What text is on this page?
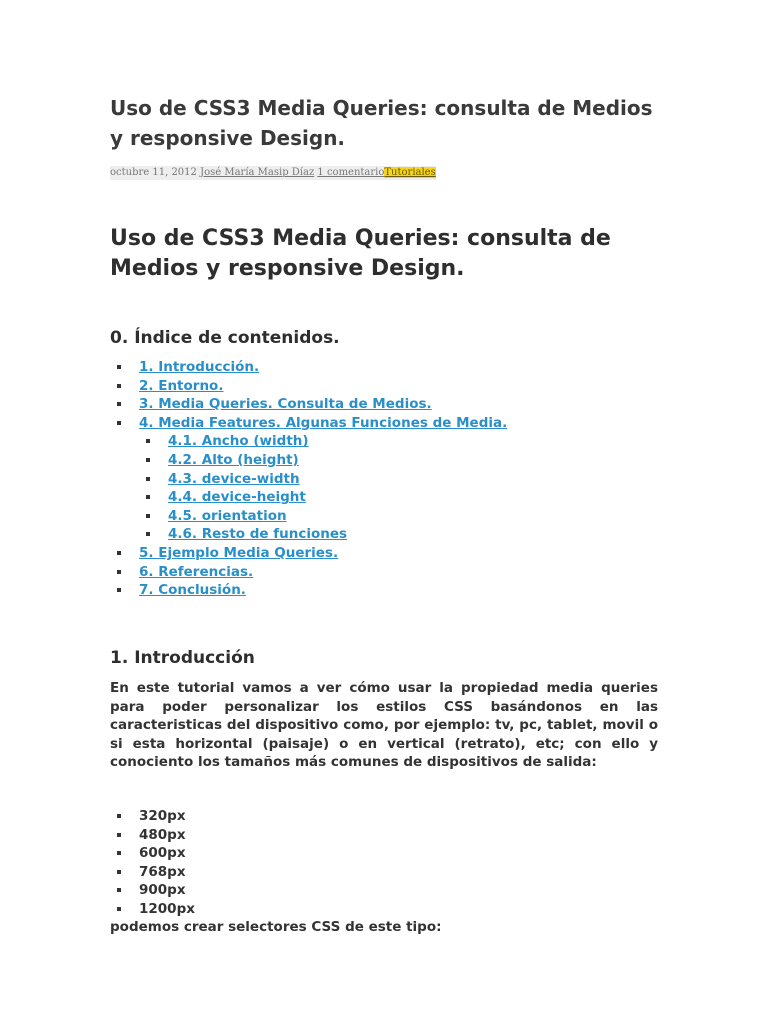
Uso de CSS3 Media Queries: consulta de Medios y responsive Design.
octubre 11, 2012 José María Masip Díaz 1 comentarioTutoriales
Uso de CSS3 Media Queries: consulta de Medios y responsive Design.
0. Índice de contenidos.
1. Introducción.
2. Entorno.
3. Media Queries. Consulta de Medios.
4. Media Features. Algunas Funciones de Media.
4.1. Ancho (width)
4.2. Alto (height)
4.3. device-width
4.4. device-height
4.5. orientation
4.6. Resto de funciones
5. Ejemplo Media Queries.
6. Referencias.
7. Conclusión.
1. Introducción

En este tutorial vamos a ver cómo usar la propiedad media queries para poder personalizar los estilos CSS basándonos en las caracteristicas del dispositivo como, por ejemplo: tv, pc, tablet, movil o si esta horizontal (paisaje) o en vertical (retrato), etc; con ello y conociento los tamaños más comunes de dispositivos de salida:

320px
480px
600px
768px
900px
1200px

podemos crear selectores CSS de este tipo:
